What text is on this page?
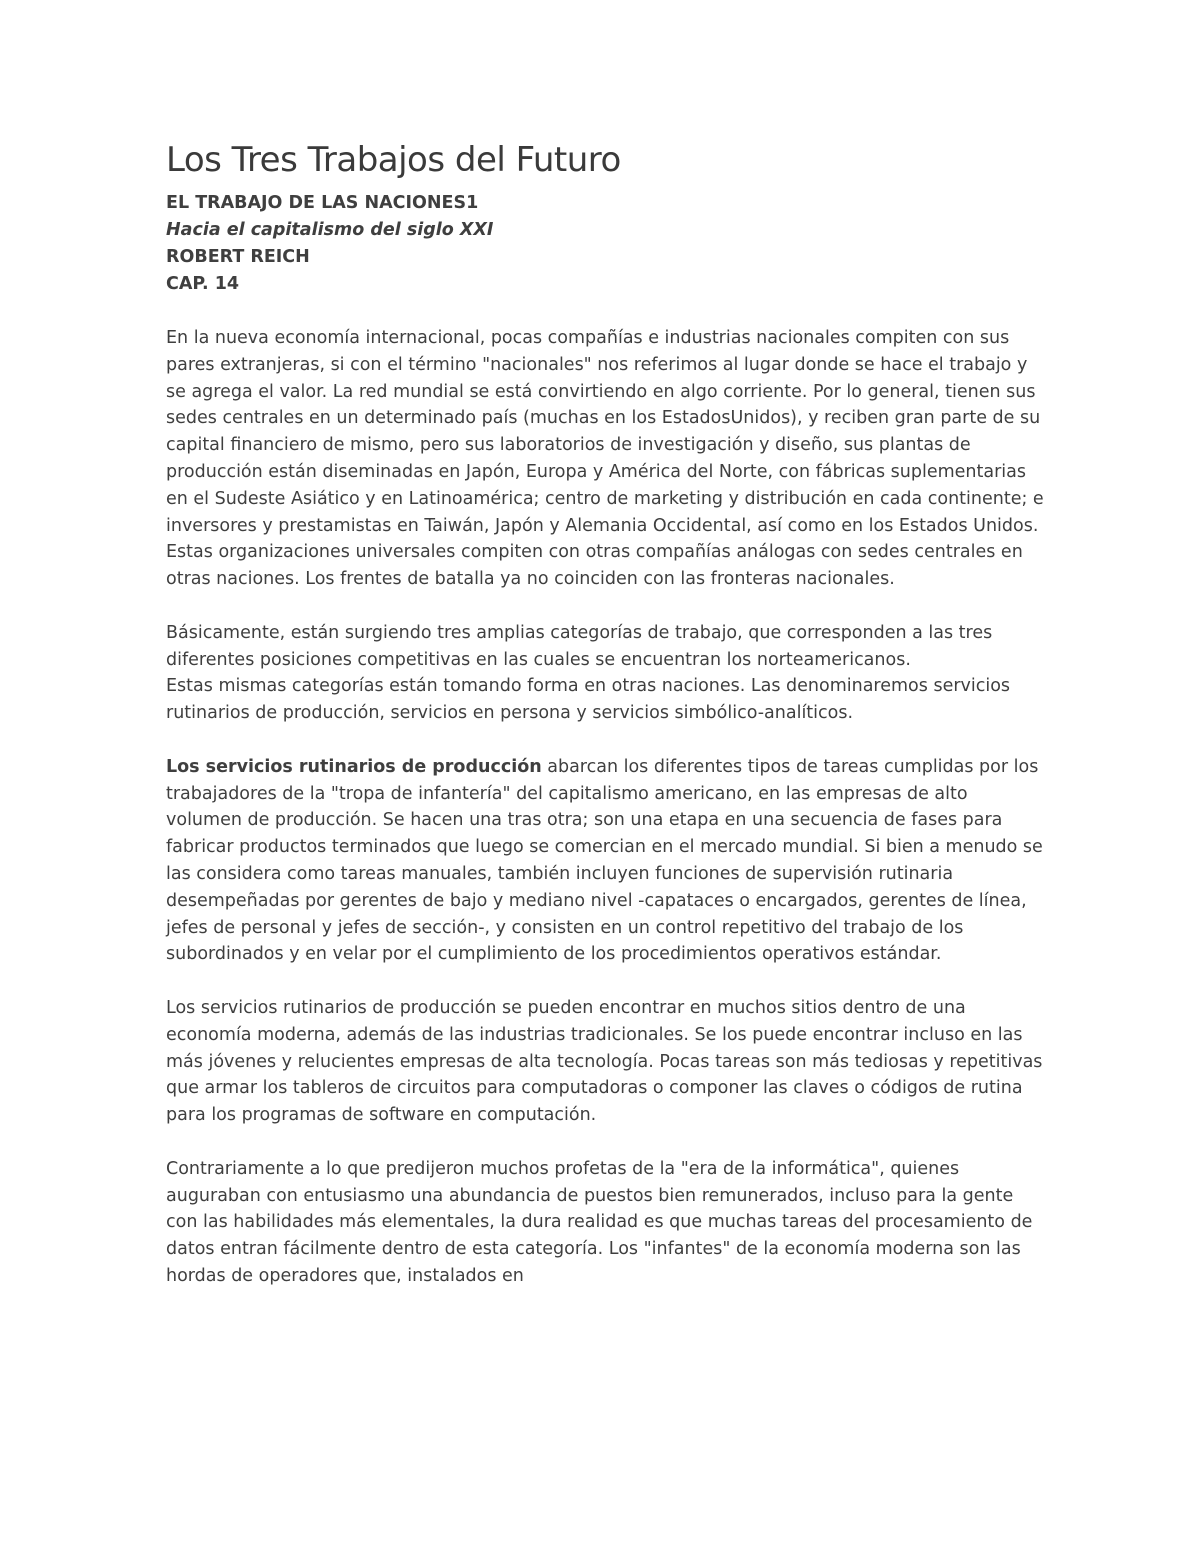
Los Tres Trabajos del Futuro
EL TRABAJO DE LAS NACIONES1
Hacia el capitalismo del siglo XXI
ROBERT REICH
CAP. 14

En la nueva economía internacional, pocas compañías e industrias nacionales compiten con sus pares extranjeras, si con el término "nacionales" nos referimos al lugar donde se hace el trabajo y se agrega el valor. La red mundial se está convirtiendo en algo corriente. Por lo general, tienen sus sedes centrales en un determinado país (muchas en los EstadosUnidos), y reciben gran parte de su capital financiero de mismo, pero sus laboratorios de investigación y diseño, sus plantas de producción están diseminadas en Japón, Europa y América del Norte, con fábricas suplementarias en el Sudeste Asiático y en Latinoamérica; centro de marketing y distribución en cada continente; e inversores y prestamistas en Taiwán, Japón y Alemania Occidental, así como en los Estados Unidos. Estas organizaciones universales compiten con otras compañías análogas con sedes centrales en otras naciones. Los frentes de batalla ya no coinciden con las fronteras nacionales.

Básicamente, están surgiendo tres amplias categorías de trabajo, que corresponden a las tres diferentes posiciones competitivas en las cuales se encuentran los norteamericanos.

Estas mismas categorías están tomando forma en otras naciones. Las denominaremos servicios rutinarios de producción, servicios en persona y servicios simbólico-analíticos.

Los servicios rutinarios de producción abarcan los diferentes tipos de tareas cumplidas por los trabajadores de la "tropa de infantería" del capitalismo americano, en las empresas de alto volumen de producción. Se hacen una tras otra; son una etapa en una secuencia de fases para fabricar productos terminados que luego se comercian en el mercado mundial. Si bien a menudo se las considera como tareas manuales, también incluyen funciones de supervisión rutinaria desempeñadas por gerentes de bajo y mediano nivel -capataces o encargados, gerentes de línea, jefes de personal y jefes de sección-, y consisten en un control repetitivo del trabajo de los subordinados y en velar por el cumplimiento de los procedimientos operativos estándar.

Los servicios rutinarios de producción se pueden encontrar en muchos sitios dentro de una economía moderna, además de las industrias tradicionales. Se los puede encontrar incluso en las más jóvenes y relucientes empresas de alta tecnología. Pocas tareas son más tediosas y repetitivas que armar los tableros de circuitos para computadoras o componer las claves o códigos de rutina para los programas de software en computación.

Contrariamente a lo que predijeron muchos profetas de la "era de la informática", quienes auguraban con entusiasmo una abundancia de puestos bien remunerados, incluso para la gente con las habilidades más elementales, la dura realidad es que muchas tareas del procesamiento de datos entran fácilmente dentro de esta categoría. Los "infantes" de la economía moderna son las hordas de operadores que, instalados en
